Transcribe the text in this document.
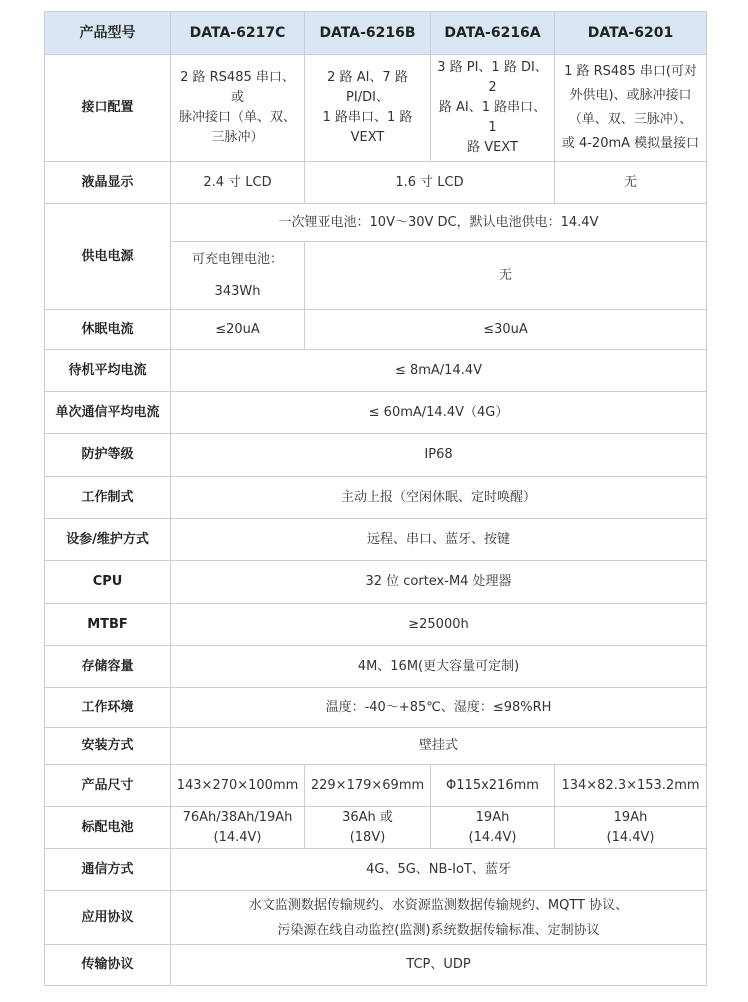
产品型号	DATA-6217C	DATA-6216B	DATA-6216A	DATA-6201
接口配置	2 路 RS485 串口、或
脉冲接口（单、双、
三脉冲）	2 路 AI、7 路 PI/DI、
1 路串口、1 路
VEXT	3 路 PI、1 路 DI、2
路 AI、1 路串口、1
路 VEXT	1 路 RS485 串口(可对
外供电)、或脉冲接口
（单、双、三脉冲）、
或 4-20mA 模拟量接口
液晶显示	2.4 寸 LCD	1.6 寸 LCD		无
供电电源	一次锂亚电池：10V～30V DC，默认电池供电：14.4V			
	可充电锂电池：
343Wh	无		
休眠电流	≤20uA	≤30uA		
待机平均电流	≤ 8mA/14.4V			
单次通信平均电流	≤ 60mA/14.4V（4G）			
防护等级	IP68			
工作制式	主动上报（空闲休眠、定时唤醒）			
设参/维护方式	远程、串口、蓝牙、按键			
CPU	32 位 cortex-M4 处理器			
MTBF	≥25000h			
存储容量	4M、16M(更大容量可定制)			
工作环境	温度：-40～+85℃、湿度：≤98%RH			
安装方式	壁挂式			
产品尺寸	143×270×100mm	229×179×69mm	Φ115x216mm	134×82.3×153.2mm
标配电池	76Ah/38Ah/19Ah
(14.4V)	36Ah 或
(18V)	19Ah
(14.4V)	19Ah
(14.4V)
通信方式	4G、5G、NB-IoT、蓝牙			
应用协议	水文监测数据传输规约、水资源监测数据传输规约、MQTT 协议、
污染源在线自动监控(监测)系统数据传输标准、定制协议			
传输协议	TCP、UDP			
